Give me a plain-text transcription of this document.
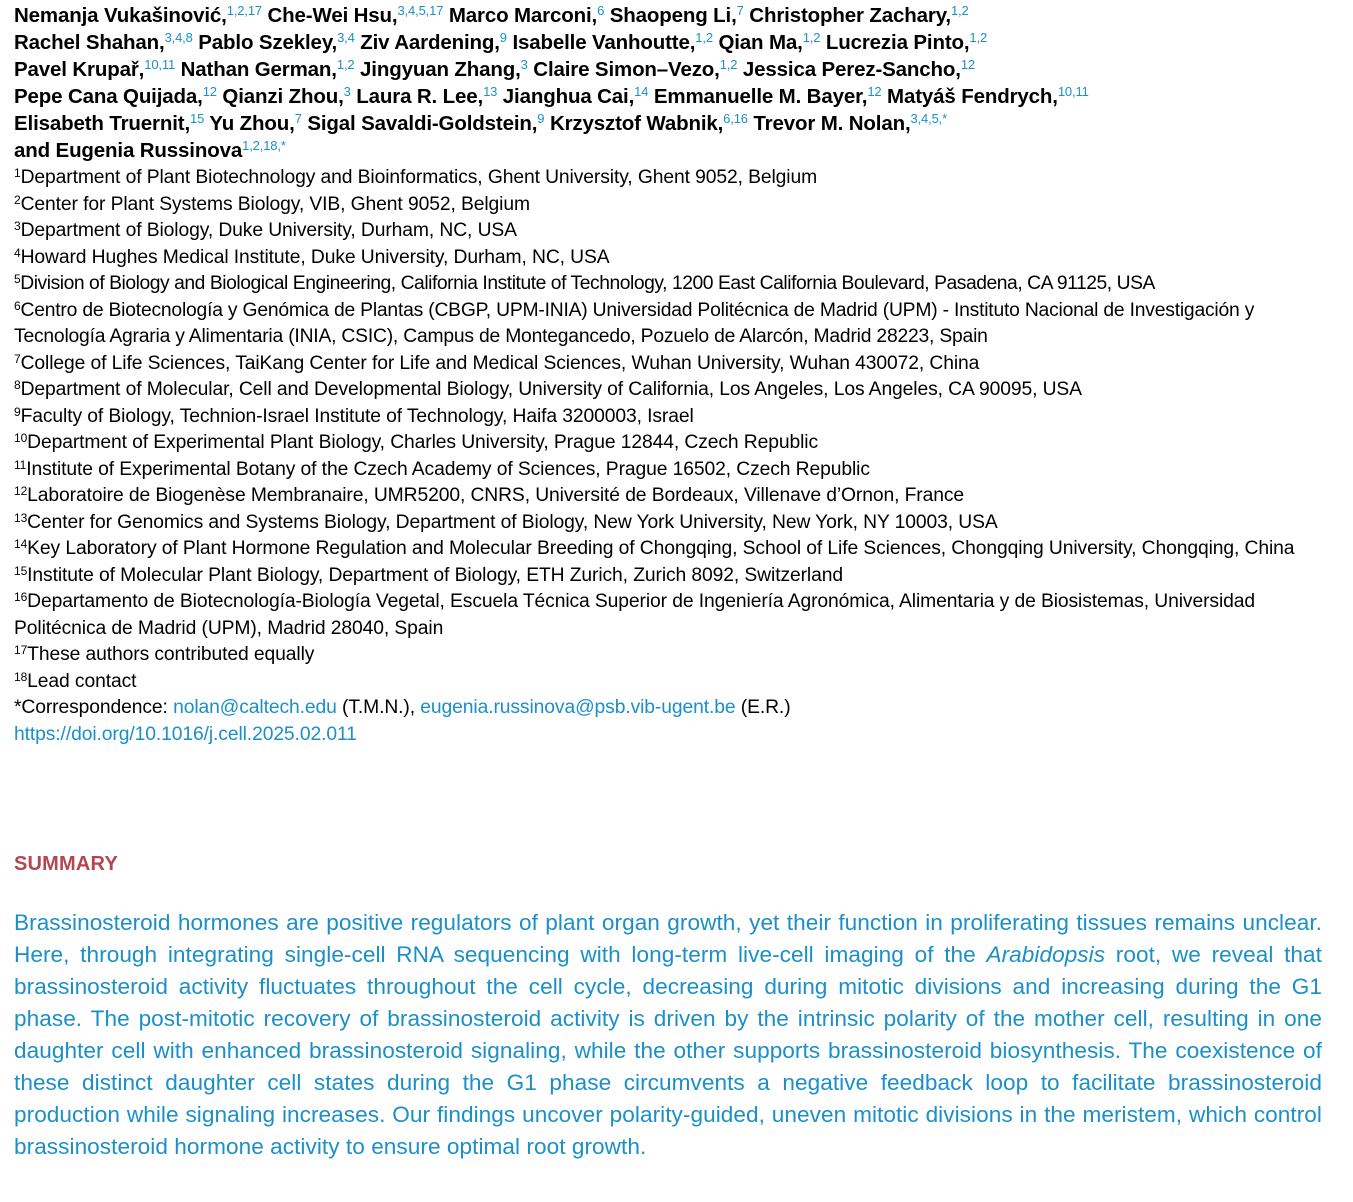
Nemanja Vukašinović,$^{1,2,17}$ Che-Wei Hsu,$^{3,4,5,17}$ Marco Marconi,$^6$ Shaopeng Li,$^7$ Christopher Zachary,$^{1,2}$
Rachel Shahan,$^{3,4,8}$ Pablo Szekley,$^{3,4}$ Ziv Aardening,$^9$ Isabelle Vanhoutte,$^{1,2}$ Qian Ma,$^{1,2}$ Lucrezia Pinto,$^{1,2}$
Pavel Krupař,$^{10,11}$ Nathan German,$^{1,2}$ Jingyuan Zhang,$^3$ Claire Simon–Vezo,$^{1,2}$ Jessica Perez-Sancho,$^{12}$
Pepe Cana Quijada,$^{12}$ Qianzi Zhou,$^3$ Laura R. Lee,$^{13}$ Jianghua Cai,$^{14}$ Emmanuelle M. Bayer,$^{12}$ Matyáš Fendrych,$^{10,11}$
Elisabeth Truernit,$^{15}$ Yu Zhou,$^7$ Sigal Savaldi-Goldstein,$^9$ Krzysztof Wabnik,$^{6,16}$ Trevor M. Nolan,$^{3,4,5,*}$
and Eugenia Russinova$^{1,2,18,*}$

$^1$Department of Plant Biotechnology and Bioinformatics, Ghent University, Ghent 9052, Belgium

$^2$Center for Plant Systems Biology, VIB, Ghent 9052, Belgium

$^3$Department of Biology, Duke University, Durham, NC, USA

$^4$Howard Hughes Medical Institute, Duke University, Durham, NC, USA

$^5$Division of Biology and Biological Engineering, California Institute of Technology, 1200 East California Boulevard, Pasadena, CA 91125, USA

$^6$Centro de Biotecnología y Genómica de Plantas (CBGP, UPM-INIA) Universidad Politécnica de Madrid (UPM) - Instituto Nacional de Investigación y Tecnología Agraria y Alimentaria (INIA, CSIC), Campus de Montegancedo, Pozuelo de Alarcón, Madrid 28223, Spain

$^7$College of Life Sciences, TaiKang Center for Life and Medical Sciences, Wuhan University, Wuhan 430072, China

$^8$Department of Molecular, Cell and Developmental Biology, University of California, Los Angeles, Los Angeles, CA 90095, USA

$^9$Faculty of Biology, Technion-Israel Institute of Technology, Haifa 3200003, Israel

$^{10}$Department of Experimental Plant Biology, Charles University, Prague 12844, Czech Republic

$^{11}$Institute of Experimental Botany of the Czech Academy of Sciences, Prague 16502, Czech Republic

$^{12}$Laboratoire de Biogenèse Membranaire, UMR5200, CNRS, Université de Bordeaux, Villenave d’Ornon, France

$^{13}$Center for Genomics and Systems Biology, Department of Biology, New York University, New York, NY 10003, USA

$^{14}$Key Laboratory of Plant Hormone Regulation and Molecular Breeding of Chongqing, School of Life Sciences, Chongqing University, Chongqing, China

$^{15}$Institute of Molecular Plant Biology, Department of Biology, ETH Zurich, Zurich 8092, Switzerland

$^{16}$Departamento de Biotecnología-Biología Vegetal, Escuela Técnica Superior de Ingeniería Agronómica, Alimentaria y de Biosistemas, Universidad Politécnica de Madrid (UPM), Madrid 28040, Spain

$^{17}$These authors contributed equally

$^{18}$Lead contact

*Correspondence: nolan@caltech.edu (T.M.N.), eugenia.russinova@psb.vib-ugent.be (E.R.)

https://doi.org/10.1016/j.cell.2025.02.011

SUMMARY

Brassinosteroid hormones are positive regulators of plant organ growth, yet their function in proliferating tissues remains unclear. Here, through integrating single-cell RNA sequencing with long-term live-cell imaging of the Arabidopsis root, we reveal that brassinosteroid activity fluctuates throughout the cell cycle, decreasing during mitotic divisions and increasing during the G1 phase. The post-mitotic recovery of brassinosteroid activity is driven by the intrinsic polarity of the mother cell, resulting in one daughter cell with enhanced brassinosteroid signaling, while the other supports brassinosteroid biosynthesis. The coexistence of these distinct daughter cell states during the G1 phase circumvents a negative feedback loop to facilitate brassinosteroid production while signaling increases. Our findings uncover polarity-guided, uneven mitotic divisions in the meristem, which control brassinosteroid hormone activity to ensure optimal root growth.
